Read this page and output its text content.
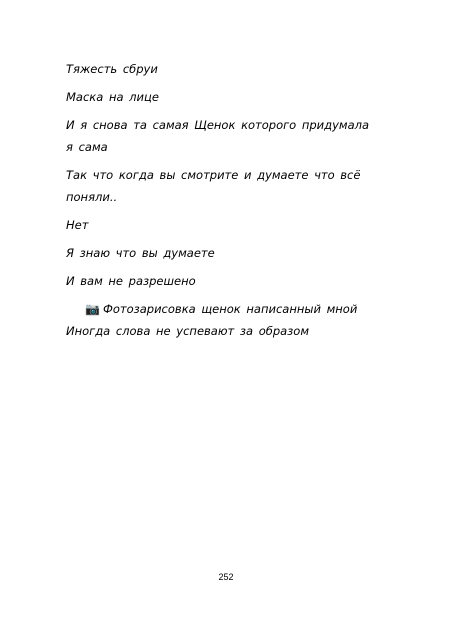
Тяжесть сбруи

Маска на лице

И я снова та самая Щенок которого придумала

я сама

Так что когда вы смотрите и думаете что всё

поняли..

Нет

Я знаю что вы думаете

И вам не разрешено

📷 Фотозарисовка щенок написанный мной

Иногда слова не успевают за образом

252
